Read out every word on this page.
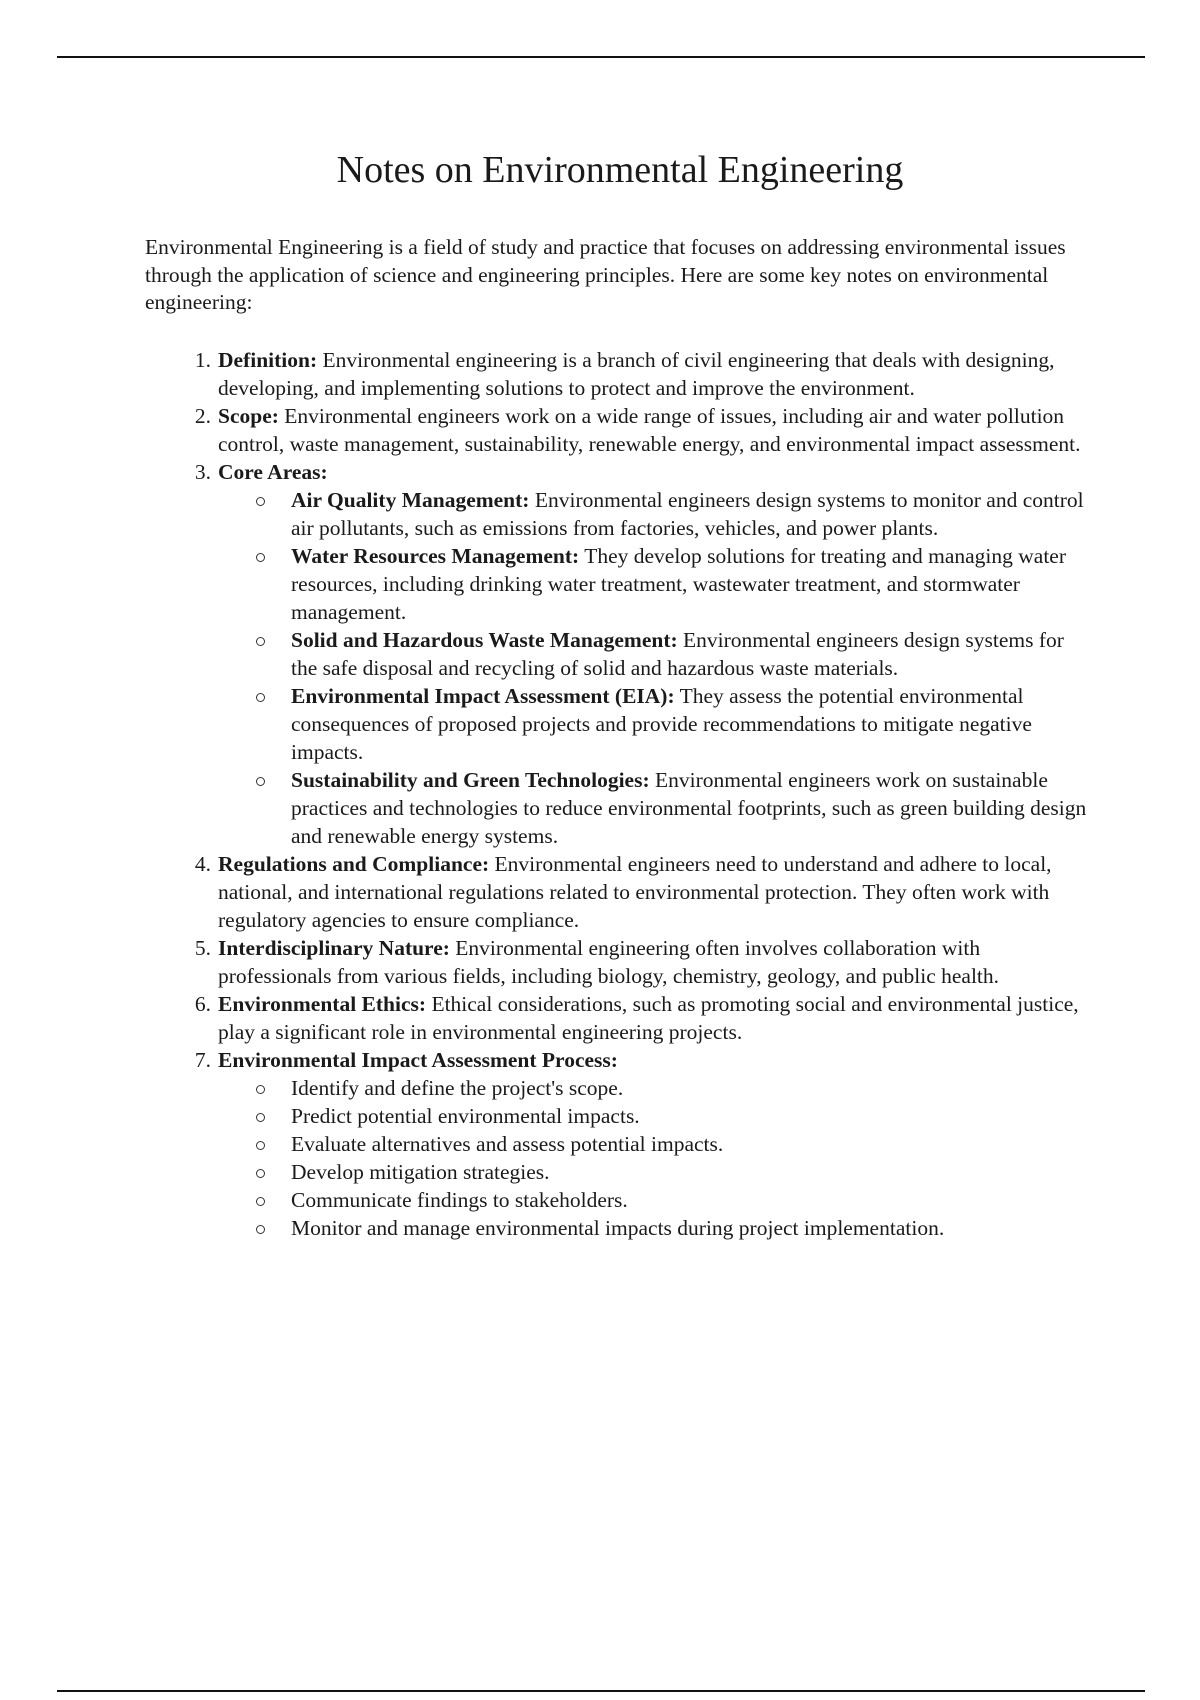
Notes on Environmental Engineering

Environmental Engineering is a field of study and practice that focuses on addressing environmental issues through the application of science and engineering principles. Here are some key notes on environmental engineering:

1. Definition: Environmental engineering is a branch of civil engineering that deals with designing, developing, and implementing solutions to protect and improve the environment.
2. Scope: Environmental engineers work on a wide range of issues, including air and water pollution control, waste management, sustainability, renewable energy, and environmental impact assessment.
3. Core Areas:
Air Quality Management: Environmental engineers design systems to monitor and control air pollutants, such as emissions from factories, vehicles, and power plants.
Water Resources Management: They develop solutions for treating and managing water resources, including drinking water treatment, wastewater treatment, and stormwater management.
Solid and Hazardous Waste Management: Environmental engineers design systems for the safe disposal and recycling of solid and hazardous waste materials.
Environmental Impact Assessment (EIA): They assess the potential environmental consequences of proposed projects and provide recommendations to mitigate negative impacts.
Sustainability and Green Technologies: Environmental engineers work on sustainable practices and technologies to reduce environmental footprints, such as green building design and renewable energy systems.
4. Regulations and Compliance: Environmental engineers need to understand and adhere to local, national, and international regulations related to environmental protection. They often work with regulatory agencies to ensure compliance.
5. Interdisciplinary Nature: Environmental engineering often involves collaboration with professionals from various fields, including biology, chemistry, geology, and public health.
6. Environmental Ethics: Ethical considerations, such as promoting social and environmental justice, play a significant role in environmental engineering projects.
7. Environmental Impact Assessment Process:
Identify and define the project's scope.
Predict potential environmental impacts.
Evaluate alternatives and assess potential impacts.
Develop mitigation strategies.
Communicate findings to stakeholders.
Monitor and manage environmental impacts during project implementation.
